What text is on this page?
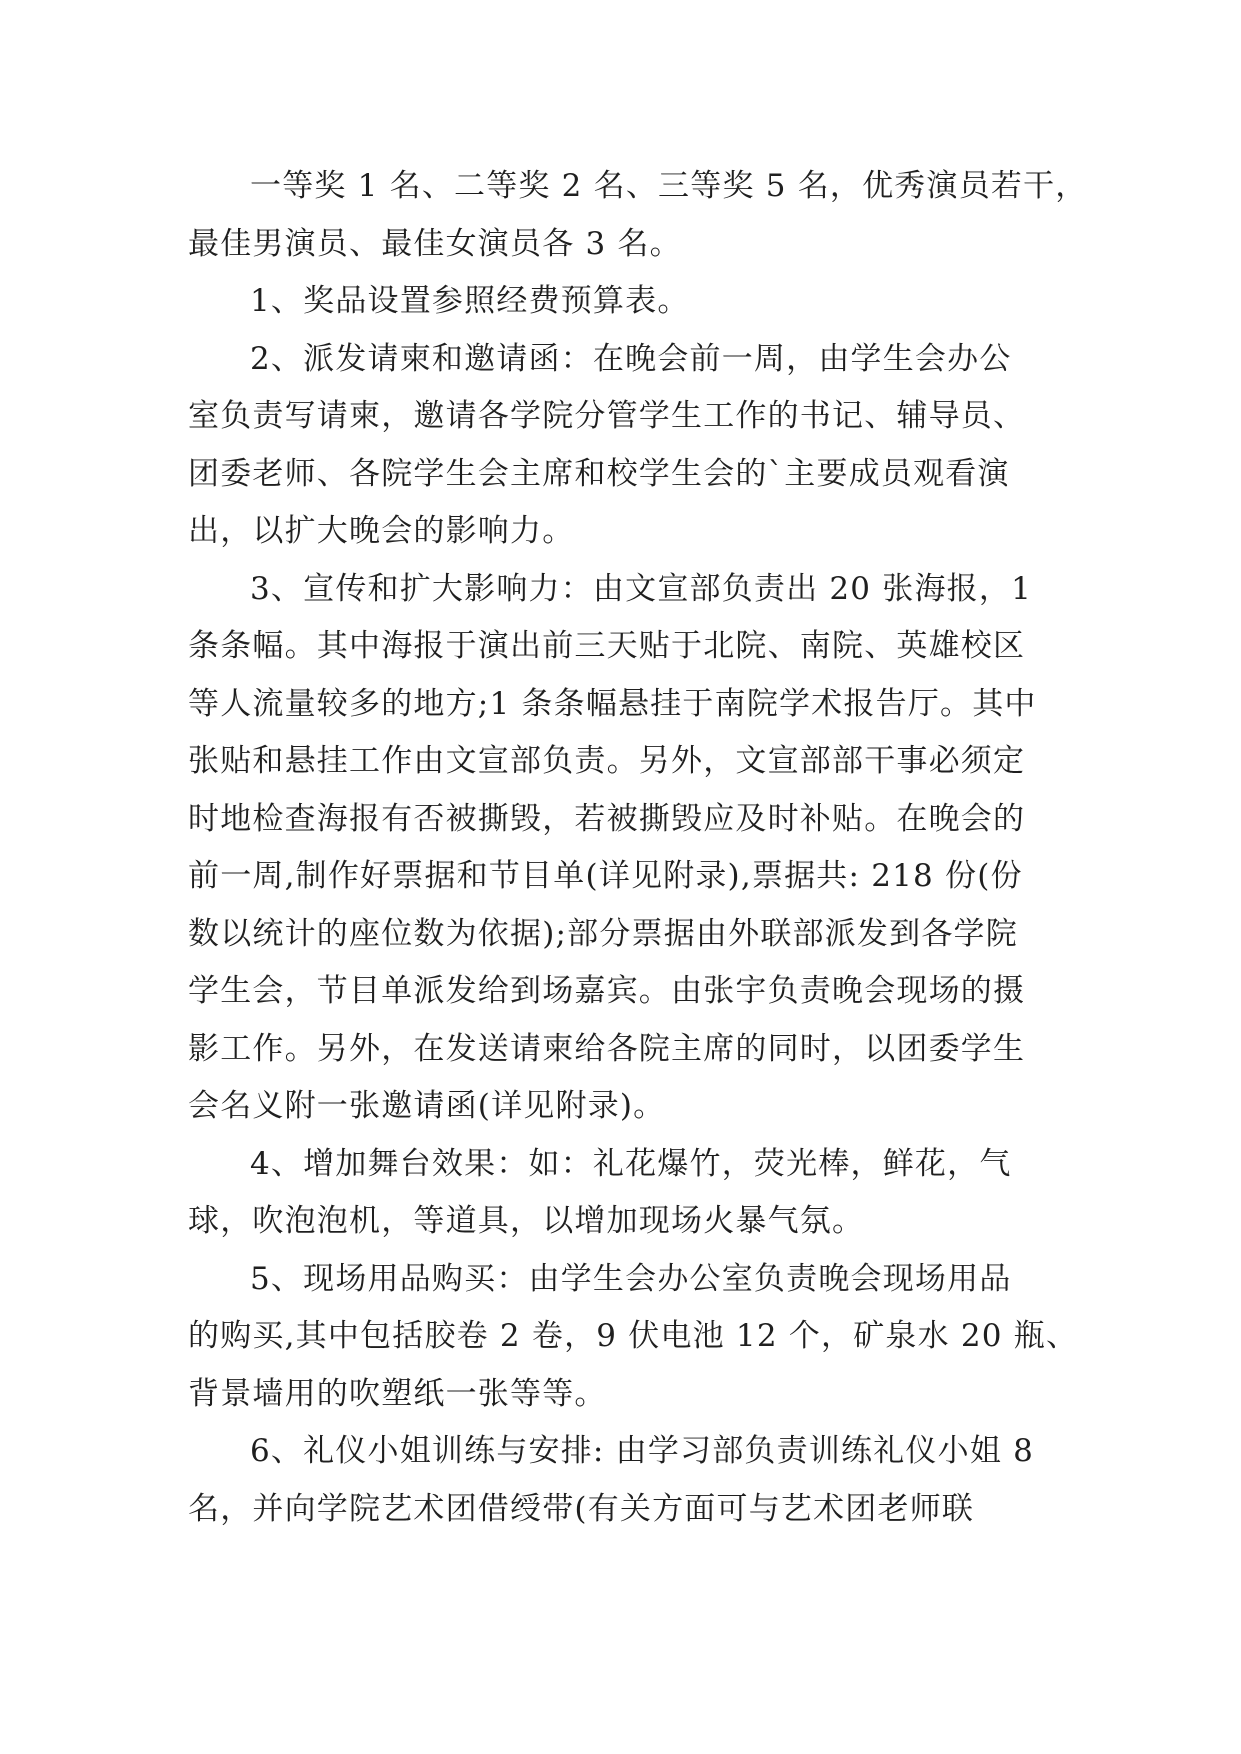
一等奖 1 名、二等奖 2 名、三等奖 5 名，优秀演员若干，
最佳男演员、最佳女演员各 3 名。
1、奖品设置参照经费预算表。
2、派发请柬和邀请函：在晚会前一周，由学生会办公
室负责写请柬，邀请各学院分管学生工作的书记、辅导员、
团委老师、各院学生会主席和校学生会的`主要成员观看演
出，以扩大晚会的影响力。
3、宣传和扩大影响力：由文宣部负责出 20 张海报，1
条条幅。其中海报于演出前三天贴于北院、南院、英雄校区
等人流量较多的地方;1 条条幅悬挂于南院学术报告厅。其中
张贴和悬挂工作由文宣部负责。另外，文宣部部干事必须定
时地检查海报有否被撕毁，若被撕毁应及时补贴。在晚会的
前一周,制作好票据和节目单(详见附录),票据共: 218 份(份
数以统计的座位数为依据);部分票据由外联部派发到各学院
学生会，节目单派发给到场嘉宾。由张宇负责晚会现场的摄
影工作。另外，在发送请柬给各院主席的同时，以团委学生
会名义附一张邀请函(详见附录)。
4、增加舞台效果：如：礼花爆竹，荧光棒，鲜花，气
球，吹泡泡机，等道具，以增加现场火暴气氛。
5、现场用品购买：由学生会办公室负责晚会现场用品
的购买,其中包括胶卷 2 卷，9 伏电池 12 个，矿泉水 20 瓶、
背景墙用的吹塑纸一张等等。
6、礼仪小姐训练与安排: 由学习部负责训练礼仪小姐 8
名，并向学院艺术团借绶带(有关方面可与艺术团老师联
